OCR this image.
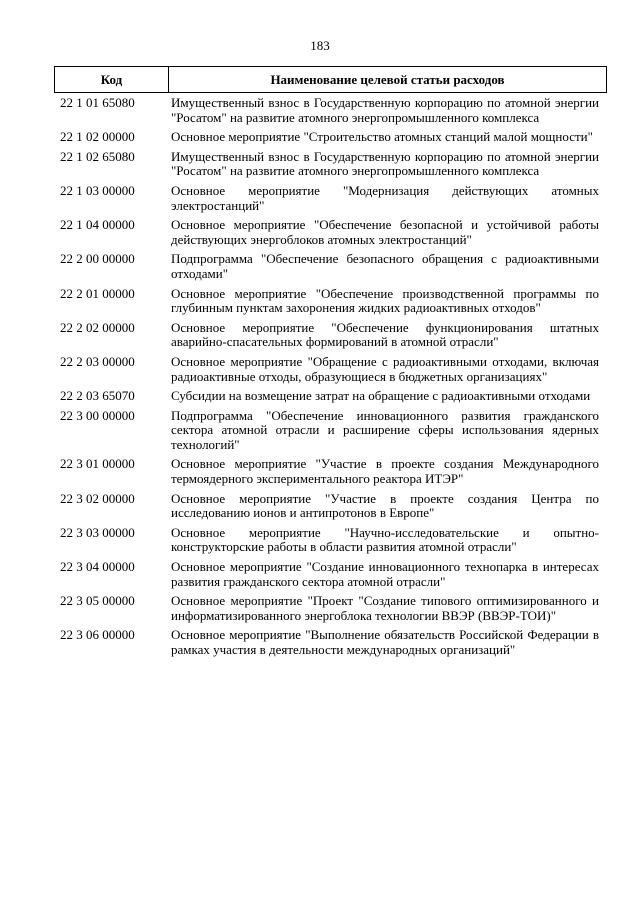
183
Код	Наименование целевой статьи расходов
22 1 01 65080	Имущественный взнос в Государственную корпорацию по атомной энергии "Росатом" на развитие атомного энергопромышленного комплекса
22 1 02 00000	Основное мероприятие "Строительство атомных станций малой мощности"
22 1 02 65080	Имущественный взнос в Государственную корпорацию по атомной энергии "Росатом" на развитие атомного энергопромышленного комплекса
22 1 03 00000	Основное мероприятие "Модернизация действующих атомных электростанций"
22 1 04 00000	Основное мероприятие "Обеспечение безопасной и устойчивой работы действующих энергоблоков атомных электростанций"
22 2 00 00000	Подпрограмма "Обеспечение безопасного обращения с радиоактивными отходами"
22 2 01 00000	Основное мероприятие "Обеспечение производственной программы по глубинным пунктам захоронения жидких радиоактивных отходов"
22 2 02 00000	Основное мероприятие "Обеспечение функционирования штатных аварийно-спасательных формирований в атомной отрасли"
22 2 03 00000	Основное мероприятие "Обращение с радиоактивными отходами, включая радиоактивные отходы, образующиеся в бюджетных организациях"
22 2 03 65070	Субсидии на возмещение затрат на обращение с радиоактивными отходами
22 3 00 00000	Подпрограмма "Обеспечение инновационного развития гражданского сектора атомной отрасли и расширение сферы использования ядерных технологий"
22 3 01 00000	Основное мероприятие "Участие в проекте создания Международного термоядерного экспериментального реактора ИТЭР"
22 3 02 00000	Основное мероприятие "Участие в проекте создания Центра по исследованию ионов и антипротонов в Европе"
22 3 03 00000	Основное мероприятие "Научно-исследовательские и опытно-конструкторские работы в области развития атомной отрасли"
22 3 04 00000	Основное мероприятие "Создание инновационного технопарка в интересах развития гражданского сектора атомной отрасли"
22 3 05 00000	Основное мероприятие "Проект "Создание типового оптимизированного и информатизированного энергоблока технологии ВВЭР (ВВЭР-ТОИ)"
22 3 06 00000	Основное мероприятие "Выполнение обязательств Российской Федерации в рамках участия в деятельности международных организаций"
